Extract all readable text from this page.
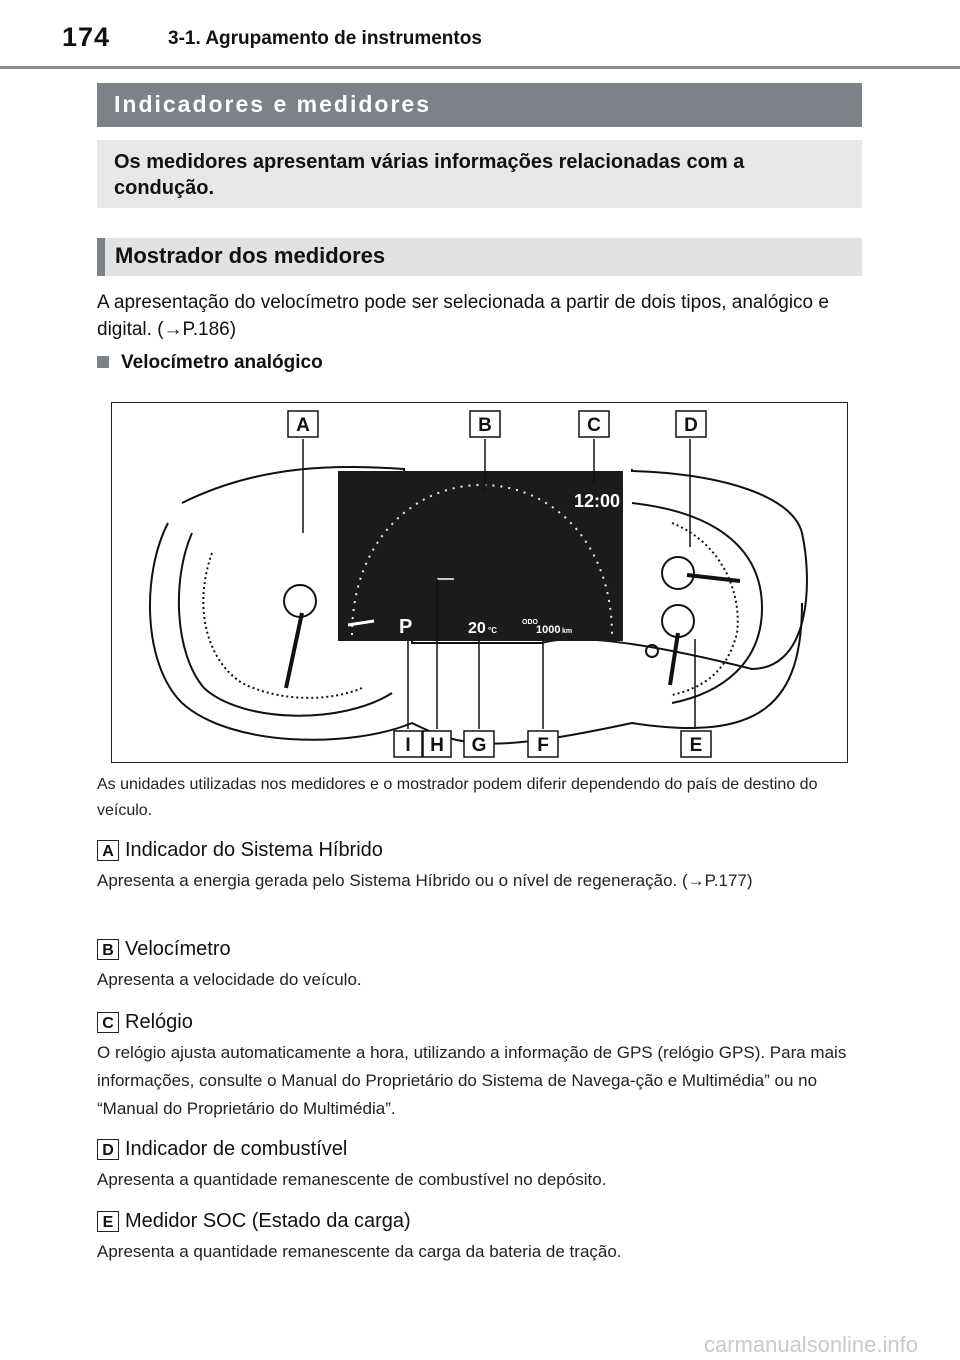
174	3-1. Agrupamento de instrumentos
Indicadores e medidores

Os medidores apresentam várias informações relacionadas com a condução.

Mostrador dos medidores
A apresentação do velocímetro pode ser selecionada a partir de dois tipos, analógico e digital. (→P.186)
Velocímetro analógico
A	B	C	D
I H G	F	E
12:00
P	20 °C
ODO
1000 km
As unidades utilizadas nos medidores e o mostrador podem diferir dependendo do país de destino do veículo.
A Indicador do Sistema Híbrido
Apresenta a energia gerada pelo Sistema Híbrido ou o nível de regeneração. (→P.177)
B Velocímetro
Apresenta a velocidade do veículo.
C Relógio
O relógio ajusta automaticamente a hora, utilizando a informação de GPS (relógio GPS). Para mais informações, consulte o Manual do Proprietário do Sistema de Navega-ção e Multimédia” ou no “Manual do Proprietário do Multimédia”.
D Indicador de combustível
Apresenta a quantidade remanescente de combustível no depósito.
E Medidor SOC (Estado da carga)
Apresenta a quantidade remanescente da carga da bateria de tração.
carmanualsonline.info
